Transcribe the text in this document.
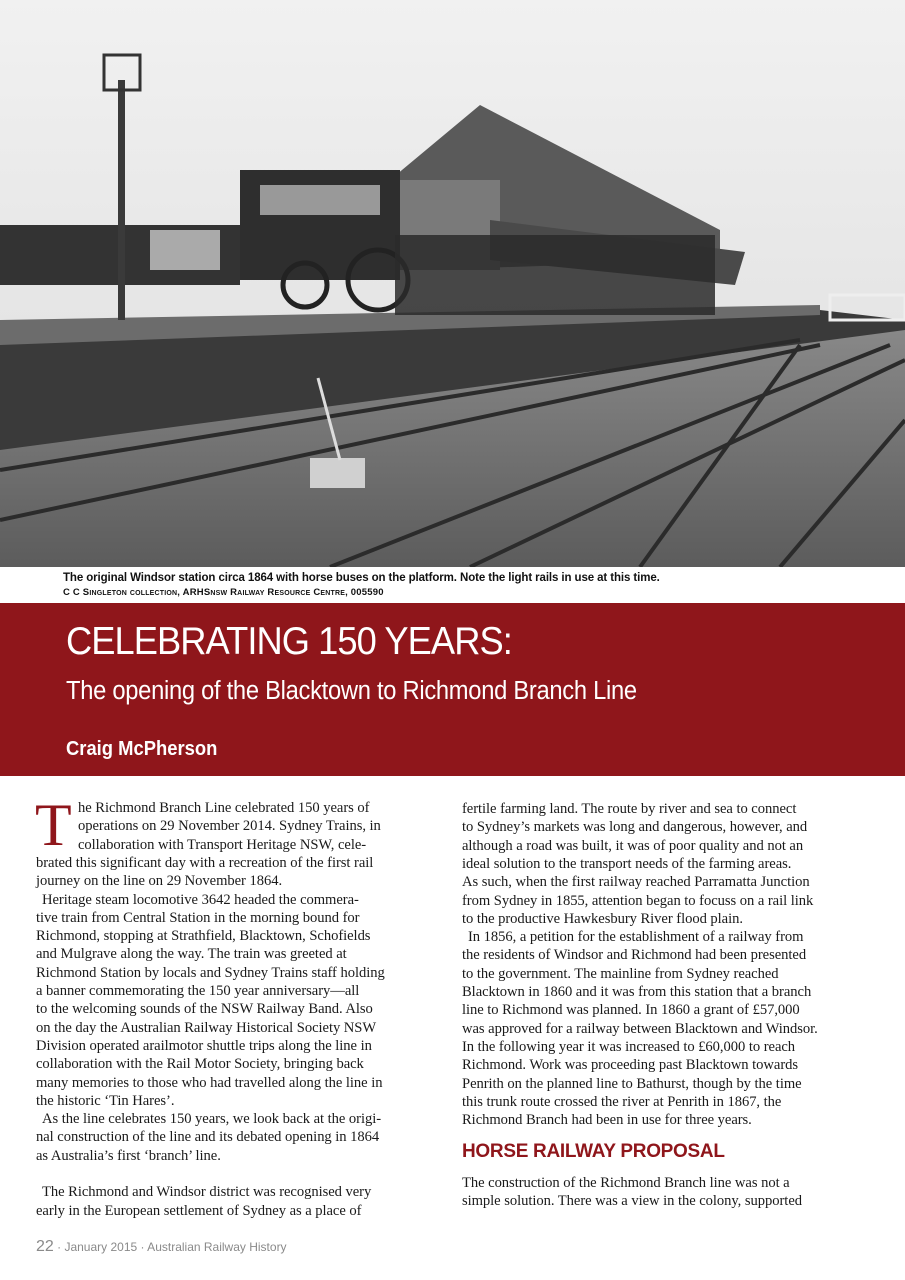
The original Windsor station circa 1864 with horse buses on the platform. Note the light rails in use at this time.
C C Singleton collection, ARHSnsw Railway Resource Centre, 005590
CELEBRATING 150 YEARS:
The opening of the Blacktown to Richmond Branch Line
Craig McPherson
T
HORSE RAILWAY PROPOSAL
22 · January 2015 · Australian Railway History
he Richmond Branch Line celebrated 150 years of
operations on 29 November 2014. Sydney Trains, in
collaboration with Transport Heritage NSW, cele-
brated this significant day with a recreation of the first rail
journey on the line on 29 November 1864.
Heritage steam locomotive 3642 headed the commera-
tive train from Central Station in the morning bound for
Richmond, stopping at Strathfield, Blacktown, Schofields
and Mulgrave along the way. The train was greeted at
Richmond Station by locals and Sydney Trains staff holding
a banner commemorating the 150 year anniversary—all
to the welcoming sounds of the NSW Railway Band. Also
on the day the Australian Railway Historical Society NSW
Division operated arailmotor shuttle trips along the line in
collaboration with the Rail Motor Society, bringing back
many memories to those who had travelled along the line in
the historic ‘Tin Hares’.
As the line celebrates 150 years, we look back at the origi-
nal construction of the line and its debated opening in 1864
as Australia’s first ‘branch’ line.
The Richmond and Windsor district was recognised very
early in the European settlement of Sydney as a place of
fertile farming land. The route by river and sea to connect
to Sydney’s markets was long and dangerous, however, and
although a road was built, it was of poor quality and not an
ideal solution to the transport needs of the farming areas.
As such, when the first railway reached Parramatta Junction
from Sydney in 1855, attention began to focuss on a rail link
to the productive Hawkesbury River flood plain.
In 1856, a petition for the establishment of a railway from
the residents of Windsor and Richmond had been presented
to the government. The mainline from Sydney reached
Blacktown in 1860 and it was from this station that a branch
line to Richmond was planned. In 1860 a grant of £57,000
was approved for a railway between Blacktown and Windsor.
In the following year it was increased to £60,000 to reach
Richmond. Work was proceeding past Blacktown towards
Penrith on the planned line to Bathurst, though by the time
this trunk route crossed the river at Penrith in 1867, the
Richmond Branch had been in use for three years.
The construction of the Richmond Branch line was not a
simple solution. There was a view in the colony, supported
